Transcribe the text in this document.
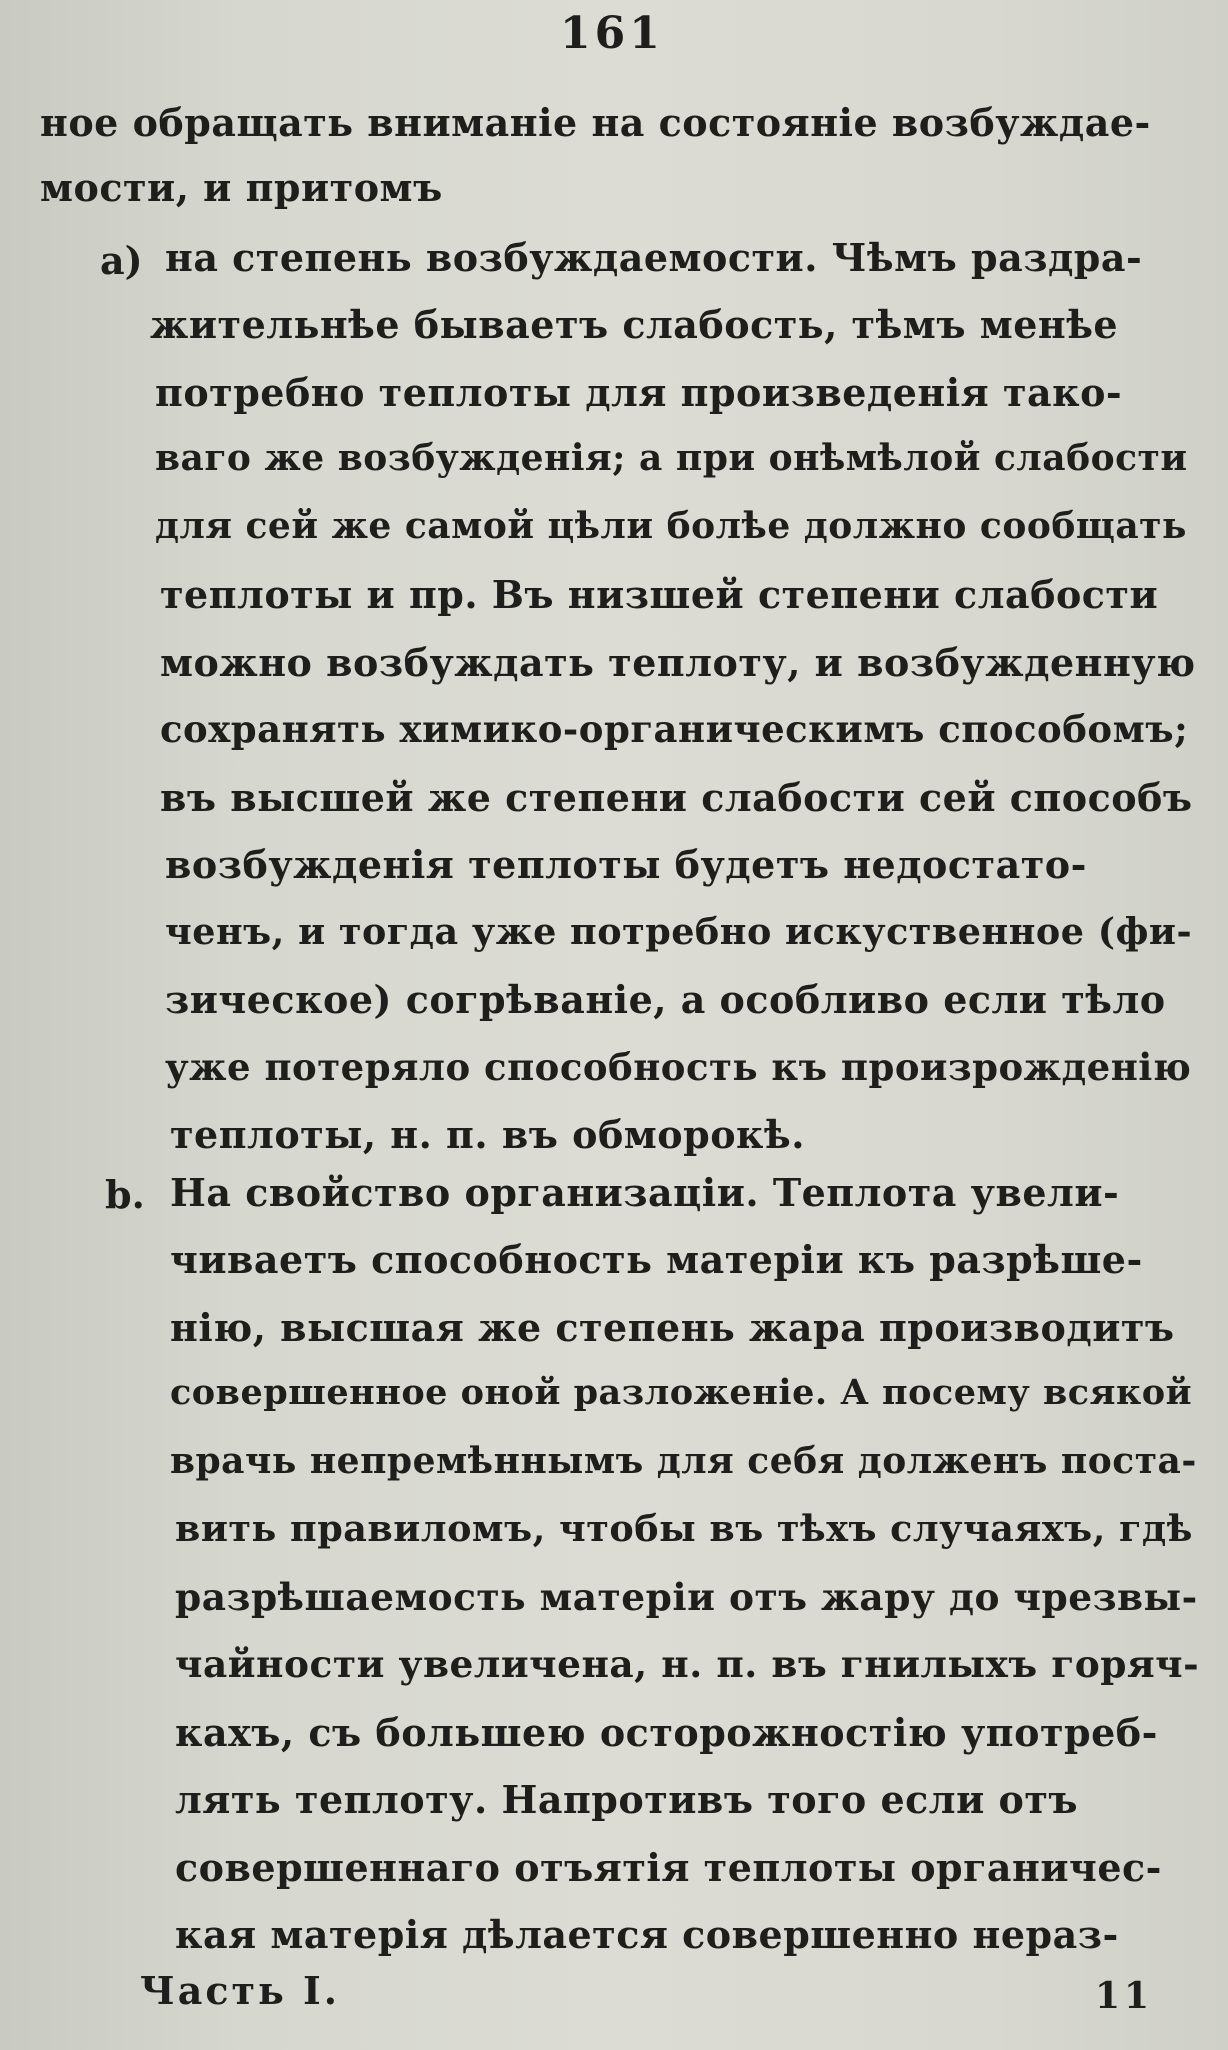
161
ное обращать вниманіе на состояніе возбуждае-
мости, и притомъ
a) на степень возбуждаемости. Чѣмъ раздра-
жительнѣе бываетъ слабость, тѣмъ менѣе
потребно теплоты для произведенія тако-
ваго же возбужденія; а при онѣмѣлой слабости
для сей же самой цѣли болѣе должно сообщать
теплоты и пр. Въ низшей степени слабости
можно возбуждать теплоту, и возбужденную
сохранять химико-органическимъ способомъ;
въ высшей же степени слабости сей способъ
возбужденія теплоты будетъ недостато-
ченъ, и тогда уже потребно искуственное (фи-
зическое) согрѣваніе, а особливо если тѣло
уже потеряло способность къ произрожденію
теплоты, н. п. въ обморокѣ.
b. На свойство организаціи. Теплота увели-
чиваетъ способность матеріи къ разрѣше-
нію, высшая же степень жара производитъ
совершенное оной разложеніе. А посему всякой
врачь непремѣннымъ для себя долженъ поста-
вить правиломъ, чтобы въ тѣхъ случаяхъ, гдѣ
разрѣшаемость матеріи отъ жару до чрезвы-
чайности увеличена, н. п. въ гнилыхъ горяч-
кахъ, съ большею осторожностію употреб-
лять теплоту. Напротивъ того если отъ
совершеннаго отъятія теплоты органичес-
кая матерія дѣлается совершенно нераз-
Часть I.	11
